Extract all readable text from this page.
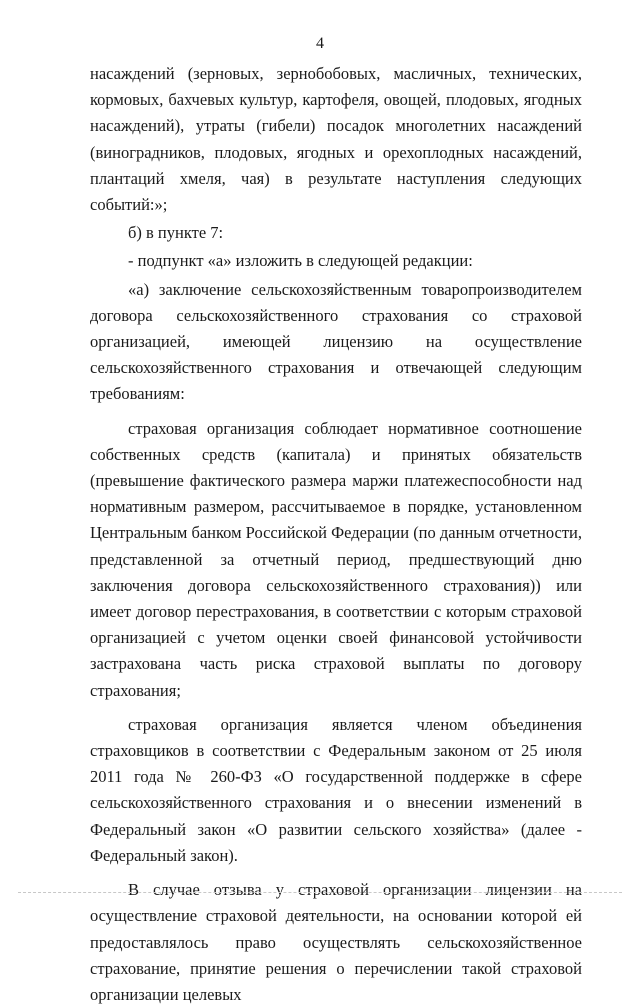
4

насаждений (зерновых, зернобобовых, масличных, технических, кормовых, бахчевых культур, картофеля, овощей, плодовых, ягодных насаждений), утраты (гибели) посадок многолетних насаждений (виноградников, плодовых, ягодных и орехоплодных насаждений, плантаций хмеля, чая) в результате наступления следующих событий:»;

б) в пункте 7:

- подпункт «а» изложить в следующей редакции:

«а) заключение сельскохозяйственным товаропроизводителем договора сельскохозяйственного страхования со страховой организацией, имеющей лицензию на осуществление сельскохозяйственного страхования и отвечающей следующим требованиям:

страховая организация соблюдает нормативное соотношение собственных средств (капитала) и принятых обязательств (превышение фактического размера маржи платежеспособности над нормативным размером, рассчитываемое в порядке, установленном Центральным банком Российской Федерации (по данным отчетности, представленной за отчетный период, предшествующий дню заключения договора сельскохозяйственного страхования)) или имеет договор перестрахования, в соответствии с которым страховой организацией с учетом оценки своей финансовой устойчивости застрахована часть риска страховой выплаты по договору страхования;

страховая организация является членом объединения страховщиков в соответствии с Федеральным законом от 25 июля 2011 года № 260-ФЗ «О государственной поддержке в сфере сельскохозяйственного страхования и о внесении изменений в Федеральный закон «О развитии сельского хозяйства» (далее - Федеральный закон).

В случае отзыва у страховой организации лицензии на осуществление страховой деятельности, на основании которой ей предоставлялось право осуществлять сельскохозяйственное страхование, принятие решения о перечислении такой страховой организации целевых
